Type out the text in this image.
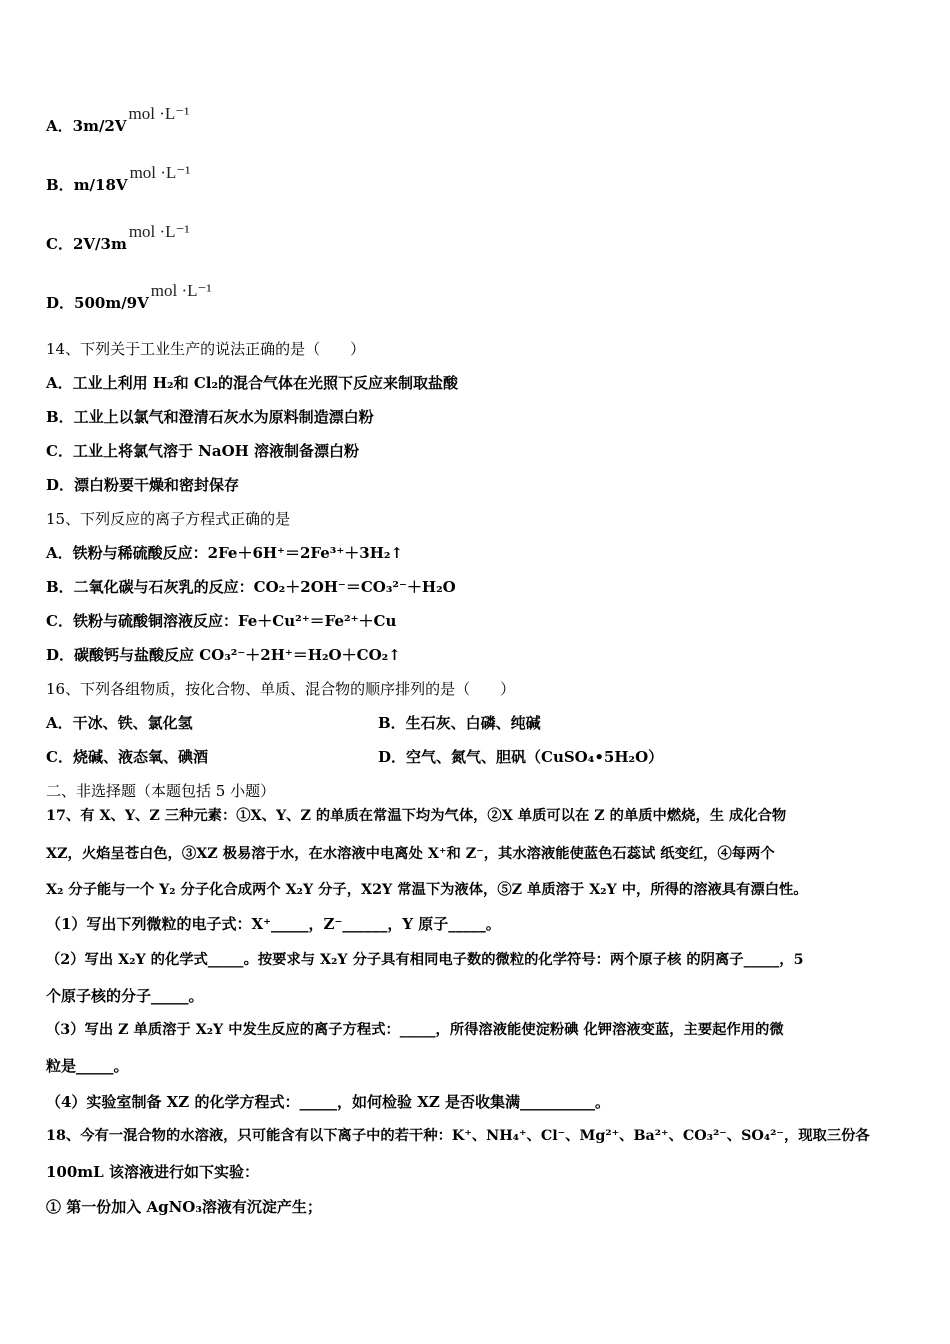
A．3m/2Vmol ·L⁻¹
B．m/18Vmol ·L⁻¹
C．2V/3mmol ·L⁻¹
D．500m/9Vmol ·L⁻¹
14、下列关于工业生产的说法正确的是（　　）
A．工业上利用 H₂和 Cl₂的混合气体在光照下反应来制取盐酸
B．工业上以氯气和澄清石灰水为原料制造漂白粉
C．工业上将氯气溶于 NaOH 溶液制备漂白粉
D．漂白粉要干燥和密封保存
15、下列反应的离子方程式正确的是
A．铁粉与稀硫酸反应：2Fe＋6H⁺＝2Fe³⁺＋3H₂↑
B．二氧化碳与石灰乳的反应：CO₂＋2OH⁻＝CO₃²⁻＋H₂O
C．铁粉与硫酸铜溶液反应：Fe＋Cu²⁺＝Fe²⁺＋Cu
D．碳酸钙与盐酸反应 CO₃²⁻＋2H⁺＝H₂O＋CO₂↑
16、下列各组物质，按化合物、单质、混合物的顺序排列的是（　　）
A．干冰、铁、氯化氢	B．生石灰、白磷、纯碱
C．烧碱、液态氧、碘酒	D．空气、氮气、胆矾（CuSO₄•5H₂O）
二、非选择题（本题包括 5 小题）
17、有 X、Y、Z 三种元素：①X、Y、Z 的单质在常温下均为气体，②X 单质可以在 Z 的单质中燃烧，生 成化合物
XZ，火焰呈苍白色，③XZ 极易溶于水，在水溶液中电离处 X⁺和 Z⁻，其水溶液能使蓝色石蕊试 纸变红，④每两个
X₂ 分子能与一个 Y₂ 分子化合成两个 X₂Y 分子，X2Y 常温下为液体，⑤Z 单质溶于 X₂Y 中，所得的溶液具有漂白性。
（1）写出下列微粒的电子式：X⁺_____，Z⁻______，Y 原子_____。
（2）写出 X₂Y 的化学式_____。按要求与 X₂Y 分子具有相同电子数的微粒的化学符号：两个原子核 的阴离子_____，5
个原子核的分子_____。
（3）写出 Z 单质溶于 X₂Y 中发生反应的离子方程式：_____，所得溶液能使淀粉碘 化钾溶液变蓝，主要起作用的微
粒是_____。
（4）实验室制备 XZ 的化学方程式：_____，如何检验 XZ 是否收集满__________。
18、今有一混合物的水溶液，只可能含有以下离子中的若干种：K⁺、NH₄⁺、Cl⁻、Mg²⁺、Ba²⁺、CO₃²⁻、SO₄²⁻，现取三份各
100mL 该溶液进行如下实验：
① 第一份加入 AgNO₃溶液有沉淀产生；
